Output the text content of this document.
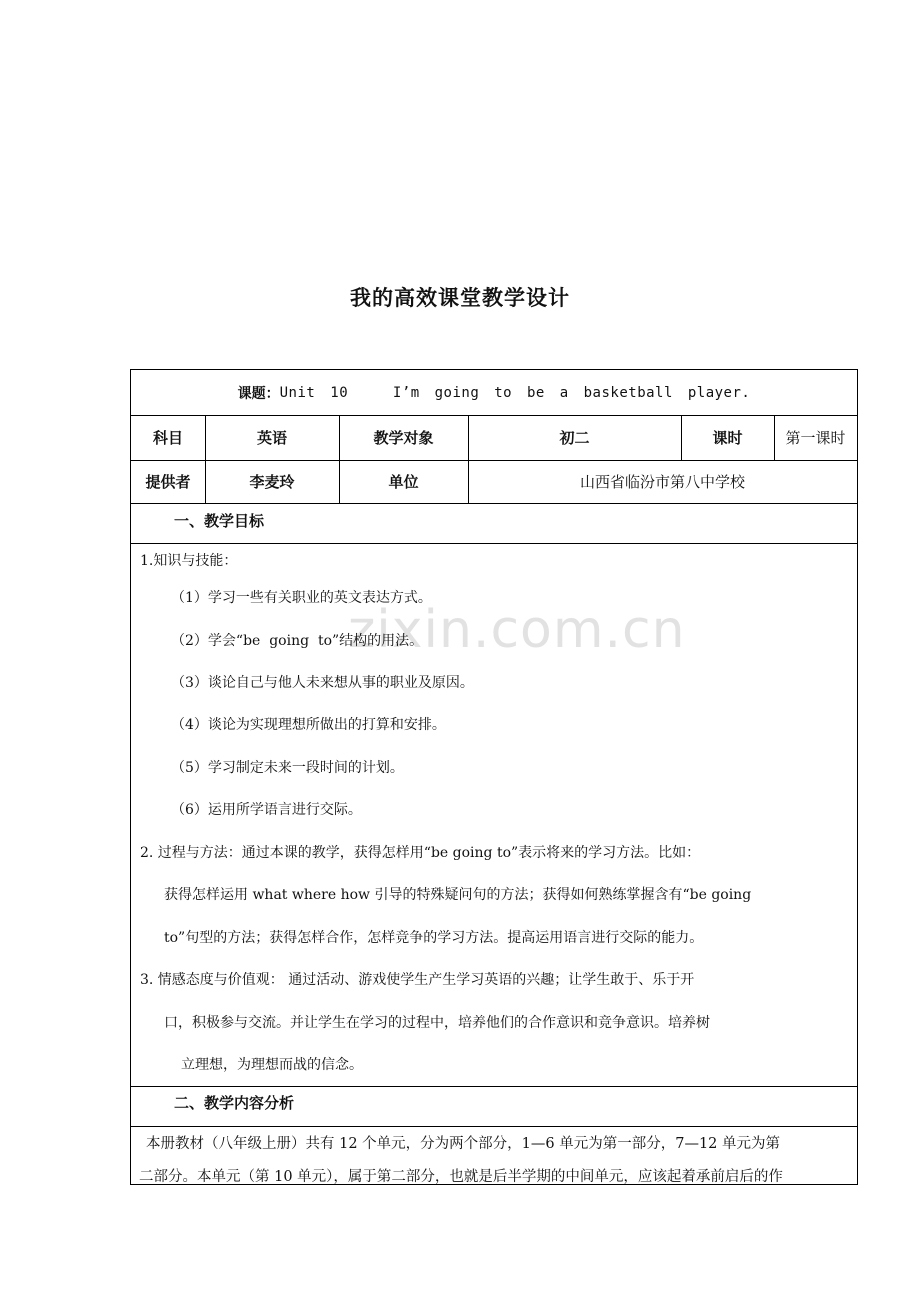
zixin.com.cn
我的高效课堂教学设计
课题： Unit 10   I’m going to be a basketball player.
科目	英语	教学对象	初二	课时	第一课时
提供者	李麦玲	单位	山西省临汾市第八中学校
一、教学目标
1.知识与技能：
（1）学习一些有关职业的英文表达方式。
（2）学会“be  going  to”结构的用法。
（3）谈论自己与他人未来想从事的职业及原因。
（4）谈论为实现理想所做出的打算和安排。
（5）学习制定未来一段时间的计划。
（6）运用所学语言进行交际。
2. 过程与方法：通过本课的教学，获得怎样用“be going to”表示将来的学习方法。比如：
获得怎样运用 what where how 引导的特殊疑问句的方法；获得如何熟练掌握含有“be going
to”句型的方法；获得怎样合作，怎样竞争的学习方法。提高运用语言进行交际的能力。
3. 情感态度与价值观： 通过活动、游戏使学生产生学习英语的兴趣；让学生敢于、乐于开
口，积极参与交流。并让学生在学习的过程中，培养他们的合作意识和竞争意识。培养树
立理想，为理想而战的信念。
二、教学内容分析
本册教材（八年级上册）共有 12 个单元，分为两个部分，1—6 单元为第一部分，7—12 单元为第
二部分。本单元（第 10 单元），属于第二部分，也就是后半学期的中间单元，应该起着承前启后的作
